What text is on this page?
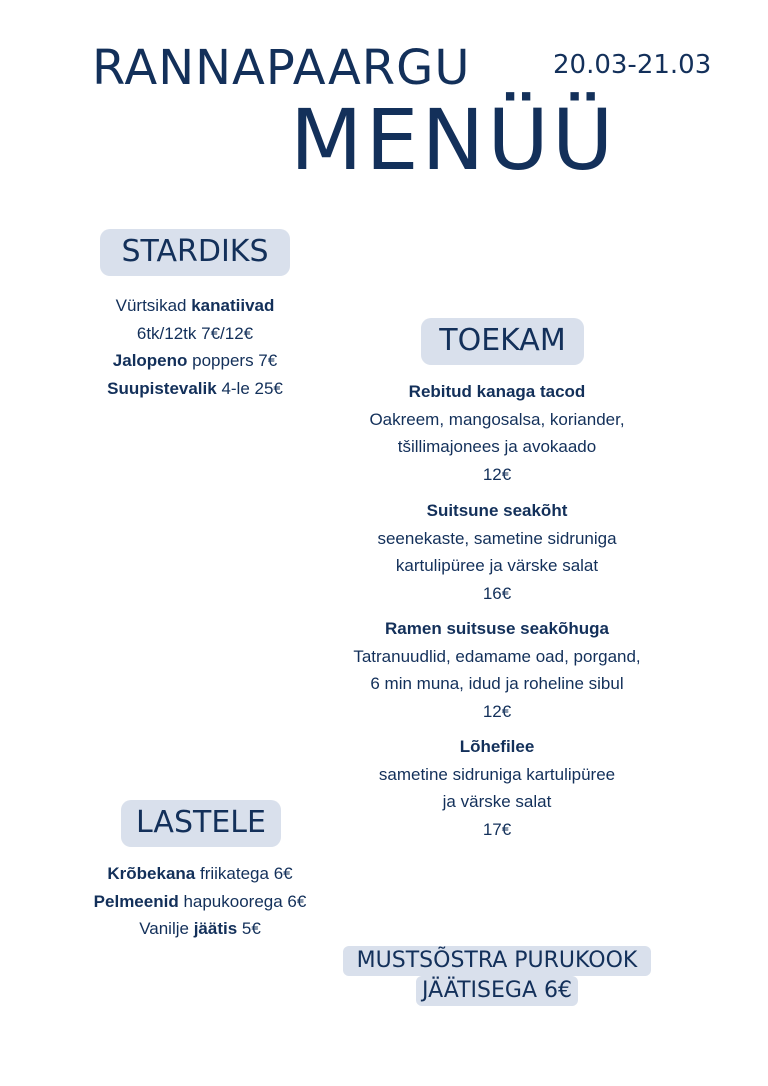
RANNAPAARGU	20.03-21.03
MENÜÜ
STARDIKS
Vürtsikad kanatiivad
6tk/12tk 7€/12€
Jalopeno poppers 7€
Suupistevalik 4-le 25€
TOEKAM
Rebitud kanaga tacod
Oakreem, mangosalsa, koriander,
tšillimajonees ja avokaado
12€
Suitsune seakõht
seenekaste, sametine sidruniga
kartulipüree ja värske salat
16€
Ramen suitsuse seakõhuga
Tatranuudlid, edamame oad, porgand,
6 min muna, idud ja roheline sibul
12€
Lõhefilee
sametine sidruniga kartulipüree
ja värske salat
17€
LASTELE
Krõbekana friikatega 6€
Pelmeenid hapukoorega 6€
Vanilje jäätis 5€
MUSTSÕSTRA PURUKOOK
JÄÄTISEGA 6€
